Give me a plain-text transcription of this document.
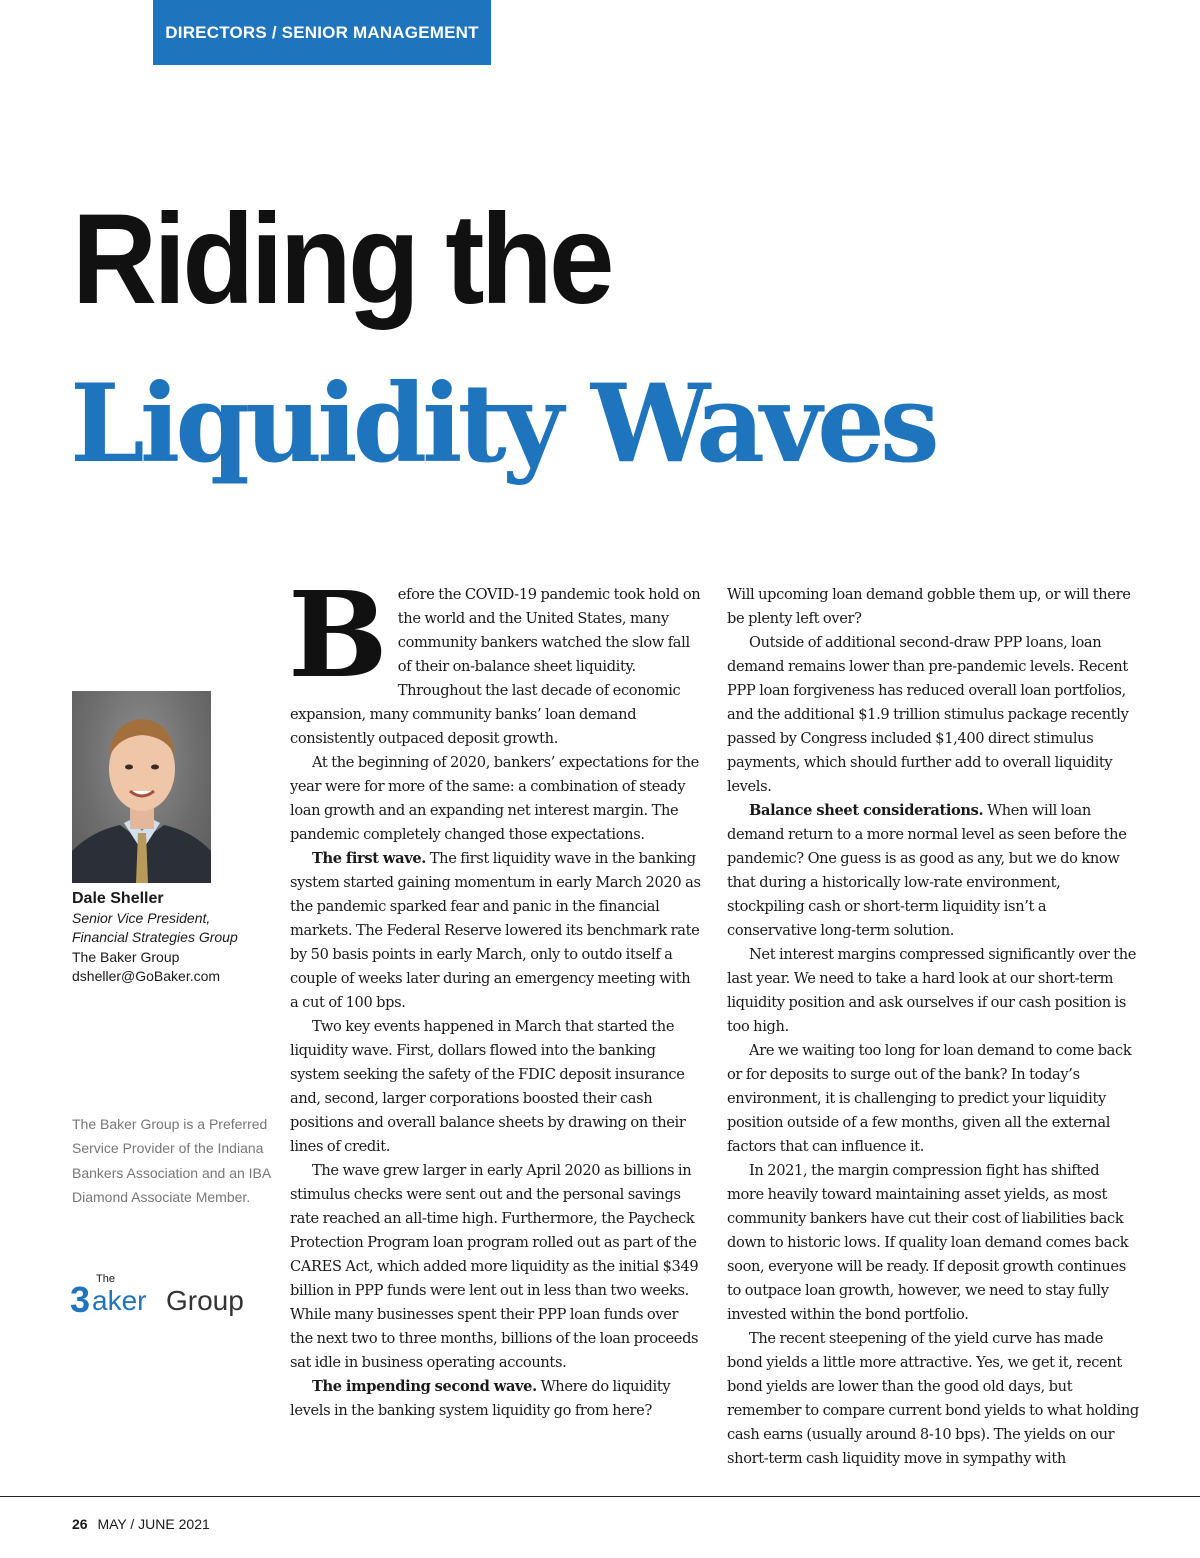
DIRECTORS / SENIOR MANAGEMENT
Riding the
Liquidity Waves
Dale Sheller
Senior Vice President,
Financial Strategies Group
The Baker Group
dsheller@GoBaker.com
The Baker Group is a Preferred Service Provider of the Indiana Bankers Association and an IBA Diamond Associate Member.
The
3 aker Group

Before the COVID-19 pandemic took hold on the world and the United States, many community bankers watched the slow fall of their on-balance sheet liquidity. Throughout the last decade of economic expansion, many community banks’ loan demand consistently outpaced deposit growth.

At the beginning of 2020, bankers’ expectations for the year were for more of the same: a combination of steady loan growth and an expanding net interest margin. The pandemic completely changed those expectations.

The first wave. The first liquidity wave in the banking system started gaining momentum in early March 2020 as the pandemic sparked fear and panic in the financial markets. The Federal Reserve lowered its benchmark rate by 50 basis points in early March, only to outdo itself a couple of weeks later during an emergency meeting with a cut of 100 bps.

Two key events happened in March that started the liquidity wave. First, dollars flowed into the banking system seeking the safety of the FDIC deposit insurance and, second, larger corporations boosted their cash positions and overall balance sheets by drawing on their lines of credit.

The wave grew larger in early April 2020 as billions in stimulus checks were sent out and the personal savings rate reached an all-time high. Furthermore, the Paycheck Protection Program loan program rolled out as part of the CARES Act, which added more liquidity as the initial $349 billion in PPP funds were lent out in less than two weeks. While many businesses spent their PPP loan funds over the next two to three months, billions of the loan proceeds sat idle in business operating accounts.

The impending second wave. Where do liquidity levels in the banking system liquidity go from here?

Will upcoming loan demand gobble them up, or will there be plenty left over?

Outside of additional second-draw PPP loans, loan demand remains lower than pre-pandemic levels. Recent PPP loan forgiveness has reduced overall loan portfolios, and the additional $1.9 trillion stimulus package recently passed by Congress included $1,400 direct stimulus payments, which should further add to overall liquidity levels.

Balance sheet considerations. When will loan demand return to a more normal level as seen before the pandemic? One guess is as good as any, but we do know that during a historically low-rate environment, stockpiling cash or short-term liquidity isn’t a conservative long-term solution.

Net interest margins compressed significantly over the last year. We need to take a hard look at our short-term liquidity position and ask ourselves if our cash position is too high.

Are we waiting too long for loan demand to come back or for deposits to surge out of the bank? In today’s environment, it is challenging to predict your liquidity position outside of a few months, given all the external factors that can influence it.

In 2021, the margin compression fight has shifted more heavily toward maintaining asset yields, as most community bankers have cut their cost of liabilities back down to historic lows. If quality loan demand comes back soon, everyone will be ready. If deposit growth continues to outpace loan growth, however, we need to stay fully invested within the bond portfolio.

The recent steepening of the yield curve has made bond yields a little more attractive. Yes, we get it, recent bond yields are lower than the good old days, but remember to compare current bond yields to what holding cash earns (usually around 8-10 bps). The yields on our short-term cash liquidity move in sympathy with

26 MAY / JUNE 2021
